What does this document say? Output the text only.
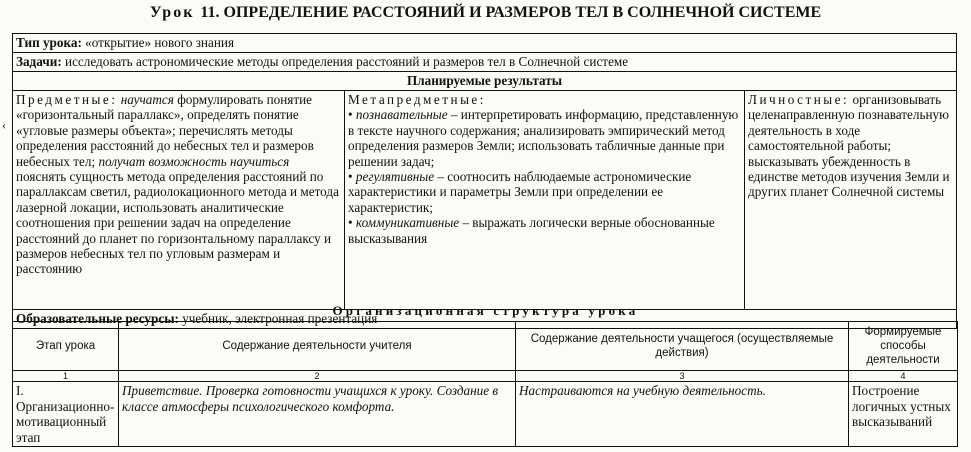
Урок 11. ОПРЕДЕЛЕНИЕ РАССТОЯНИЙ И РАЗМЕРОВ ТЕЛ В СОЛНЕЧНОЙ СИСТЕМЕ
‹
Тип урока: «открытие» нового знания
Задачи: исследовать астрономические методы определения расстояний и размеров тел в Солнечной системе
Планируемые результаты
Предметные: научатся формулировать понятие «горизонтальный параллакс», определять понятие «угловые размеры объекта»; перечислять методы определения расстояний до небесных тел и размеров небесных тел; получат возможность научиться пояснять сущность метода определения расстояний по параллаксам светил, радиолокационного метода и метода лазерной локации, использовать аналитические соотношения при решении задач на определение расстояний до планет по горизонтальному параллаксу и размеров небесных тел по угловым размерам и расстоянию
Метапредметные:
• познавательные – интерпретировать информацию, представленную в тексте научного содержания; анализировать эмпирический метод определения размеров Земли; использовать табличные данные при решении задач;
• регулятивные – соотносить наблюдаемые астрономические характеристики и параметры Земли при определении ее характеристик;
• коммуникативные – выражать логически верные обоснованные высказывания
Личностные: организовывать целенаправленную познавательную деятельность в ходе самостоятельной работы; высказывать убежденность в единстве методов изучения Земли и других планет Солнечной системы
Образовательные ресурсы: учебник, электронная презентация
Организационная структура урока
Этап урока	Содержание деятельности учителя	Содержание деятельности учащегося (осуществляемые действия)	Формируемые способы деятельности
1	2	3	4
I. Организационно-мотивационный этап	Приветствие. Проверка готовности учащихся к уроку. Создание в классе атмосферы психологического комфорта.	Настраиваются на учебную деятельность.	Построение логичных устных высказываний
